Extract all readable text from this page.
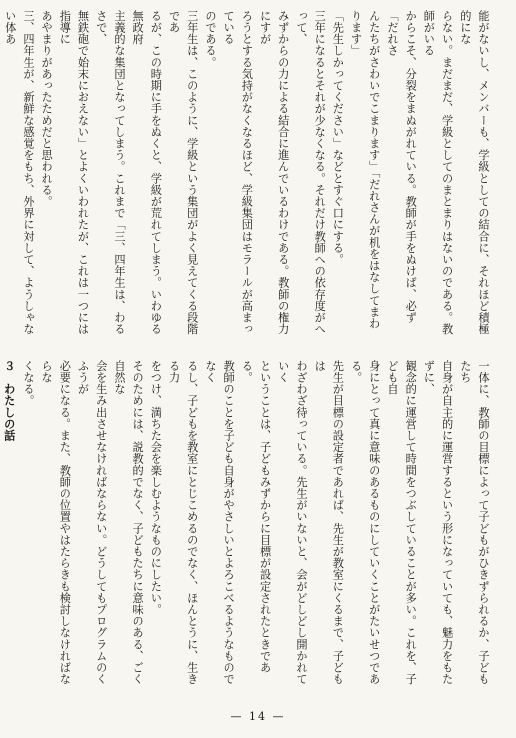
能がないし、メンバーも、学級としての結合に、それほど積極的にな

らない。まだまだ、学級としてのまとまりはないのである。教師がいる

からこそ、分裂をまぬがれている。教師が手をぬけば、必ず「だれさ

んたちがさわいでこまります」「だれさんが机をはなしてまわります」

「先生しかってください」などとすぐ口にする。

三年になるとそれが少なくなる。それだけ教師への依存度がへって、

みずからの力による結合に進んでいるわけである。教師の権力にすが

ろうとする気持がなくなるほど、学級集団はモラールが高まっている

のである。

三年生は、このように、学級という集団がよく見えてくる段階であ

るが、この時期に手をぬくと、学級が荒れてしまう。いわゆる無政府

主義的な集団となってしまう。これまで「三、四年生は、わるさで、

無鉄砲で始末におえない」とよくいわれたが、これは一つには指導に

あやまりがあったためだと思われる。

三、四年生が、新鮮な感覚をもち、外界に対して、ようしゃない体あ

一体に、教師の目標によって子どもがひきずられるか、子どもたち

自身が自主的に運営するという形になっていても、魅力をもたずに、

観念的に運営して時間をつぶしていることが多い。これを、子ども自

身にとって真に意味のあるものにしていくことがたいせつである。

先生が目標の設定者であれば、先生が教室にくるまで、子どもは

わざわざ待っている。先生がいないと、会がどしどし開かれていく

ということは、子どもみずからに目標が設定されたときである。

教師のことを子ども自身がやさしいとよろこべるようなものでなく

るし、子どもを教室にとじこめるのでなく、ほんとうに、生きる力

をつけ、満ちた会を楽しむようなものにしたい。

そのためには、説教的でなく、子どもたちに意味のある、ごく自然な

会を生み出させなければならない。どうしてもプログラムのくふうが

必要になる。また、教師の位置やはたらきも検討しなければならな

くなる。

３　わたしの話

— 14 —
